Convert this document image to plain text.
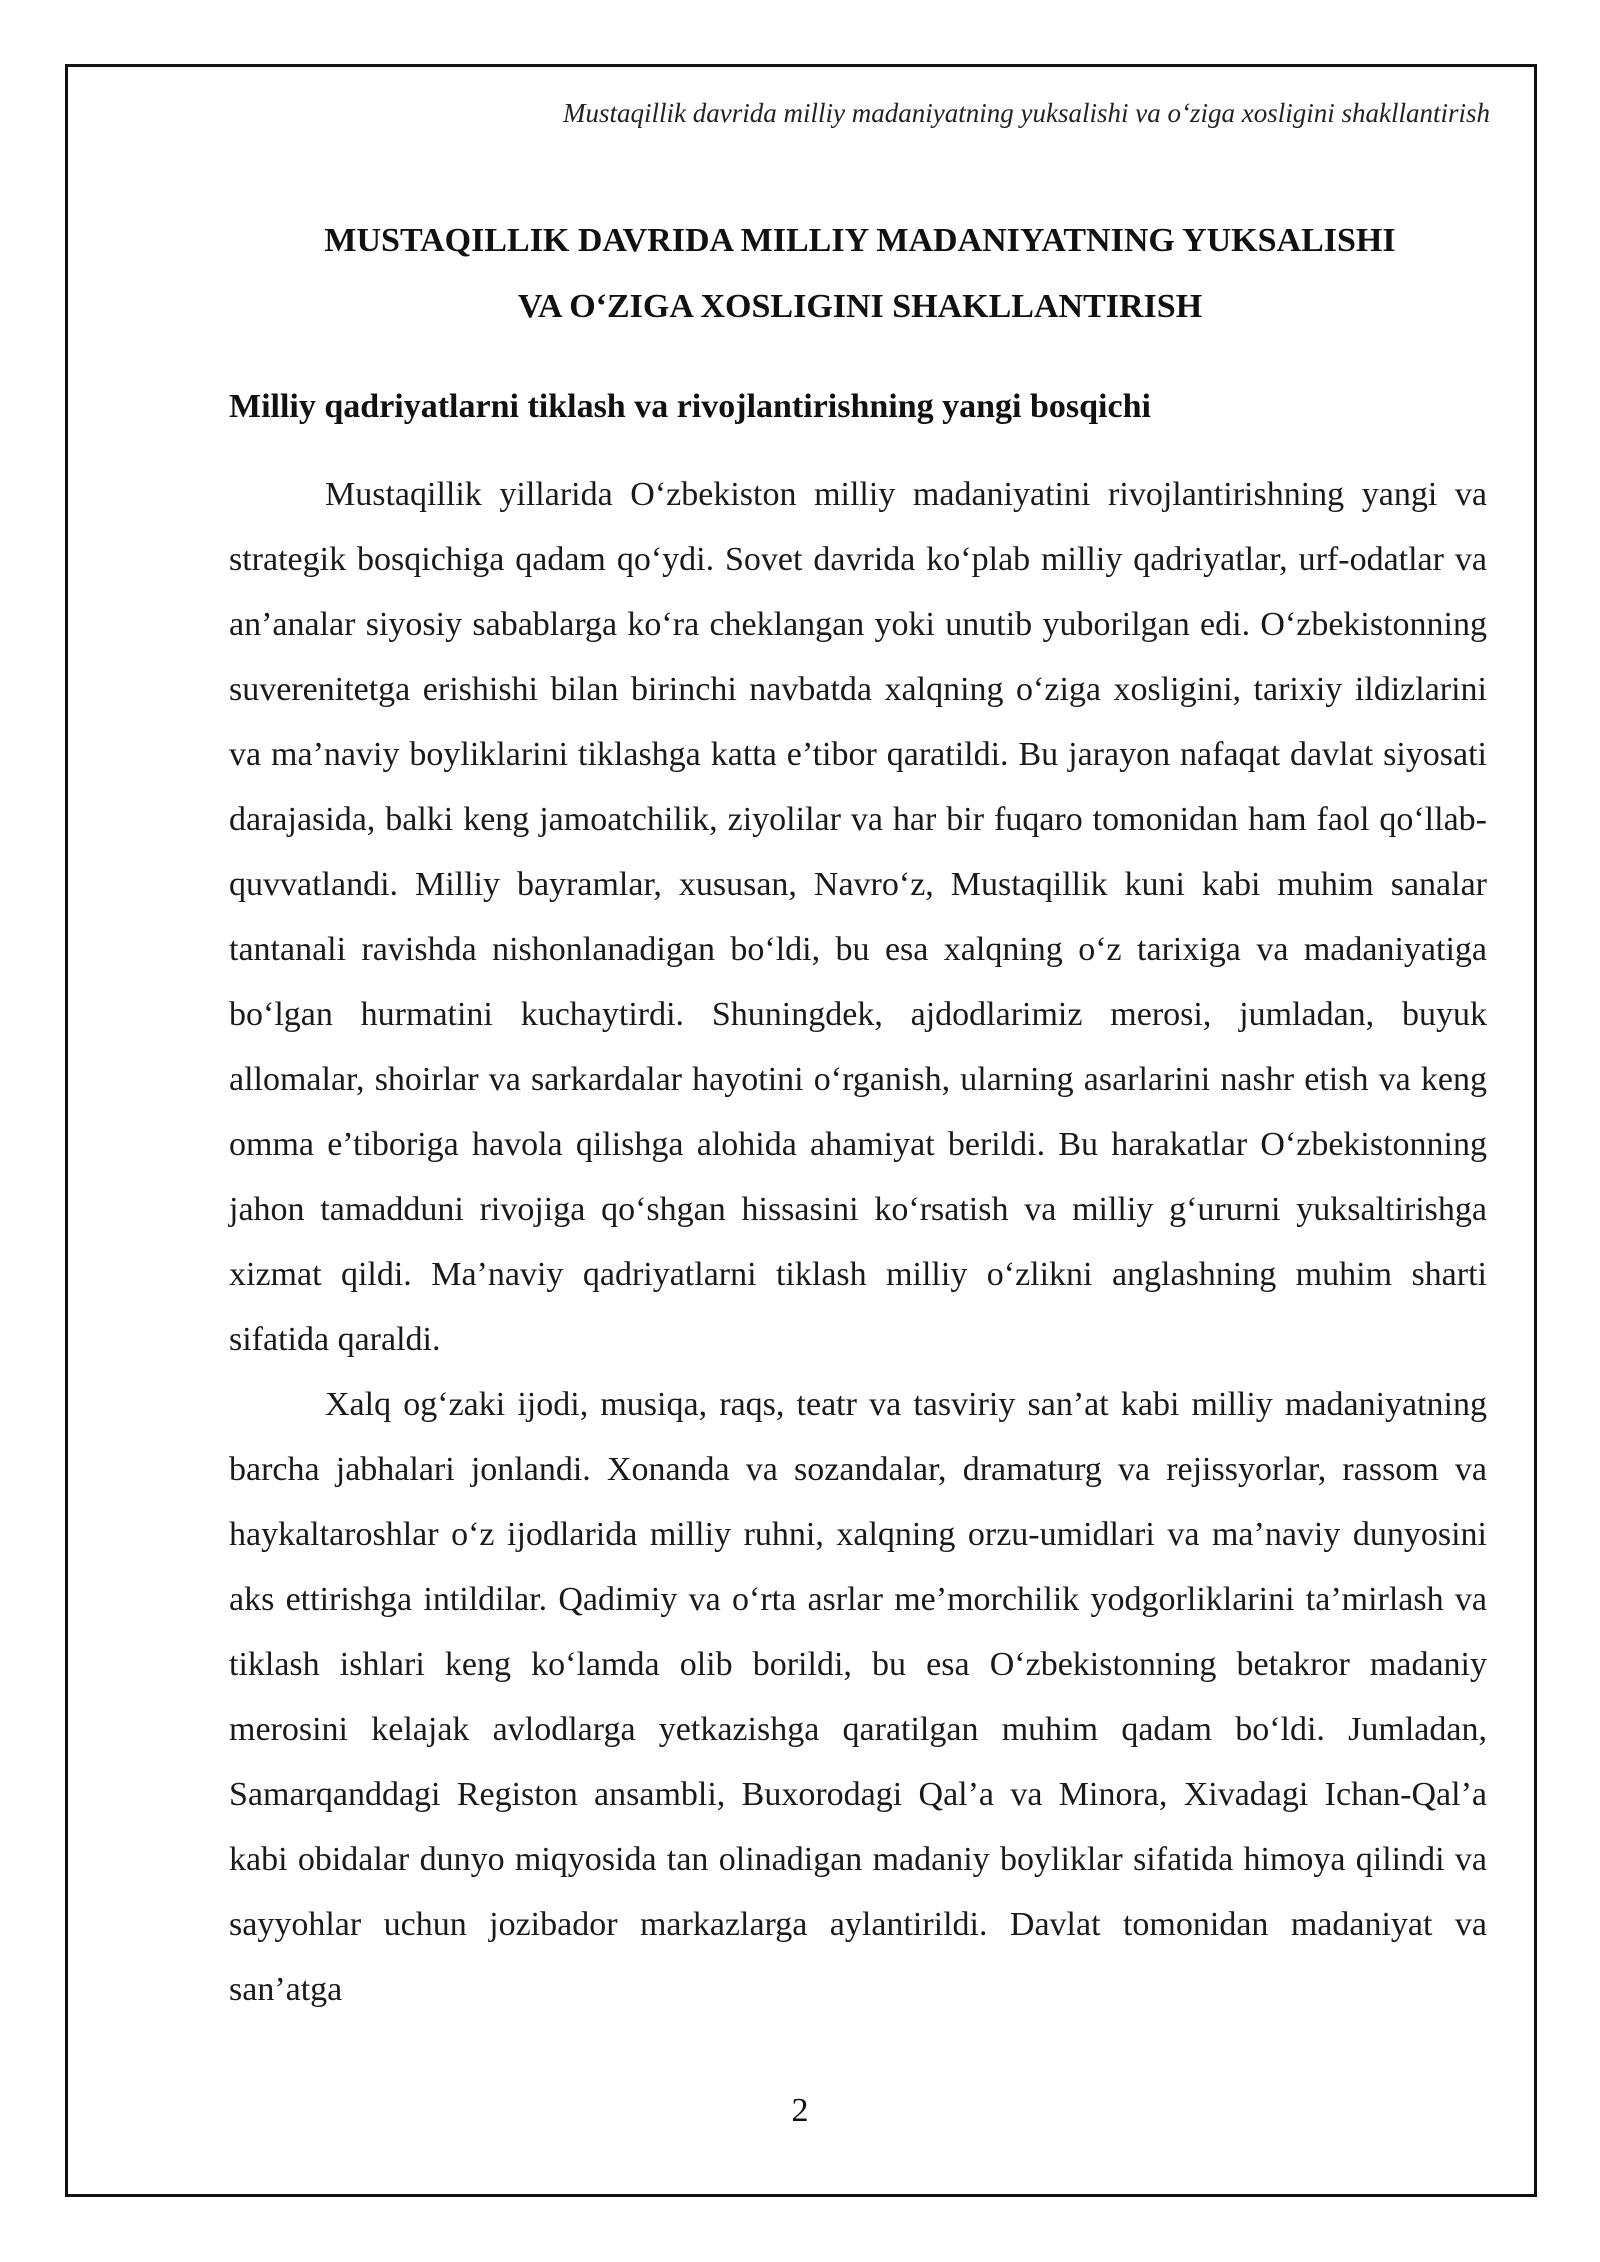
Mustaqillik davrida milliy madaniyatning yuksalishi va oʻziga xosligini shakllantirish
MUSTAQILLIK DAVRIDA MILLIY MADANIYATNING YUKSALISHI
VA OʻZIGA XOSLIGINI SHAKLLANTIRISH
Milliy qadriyatlarni tiklash va rivojlantirishning yangi bosqichi

Mustaqillik yillarida Oʻzbekiston milliy madaniyatini rivojlantirishning yangi va strategik bosqichiga qadam qoʻydi. Sovet davrida koʻplab milliy qadriyatlar, urf-odatlar va an’analar siyosiy sabablarga koʻra cheklangan yoki unutib yuborilgan edi. Oʻzbekistonning suverenitetga erishishi bilan birinchi navbatda xalqning oʻziga xosligini, tarixiy ildizlarini va ma’naviy boyliklarini tiklashga katta e’tibor qaratildi. Bu jarayon nafaqat davlat siyosati darajasida, balki keng jamoatchilik, ziyolilar va har bir fuqaro tomonidan ham faol qoʻllab-quvvatlandi. Milliy bayramlar, xususan, Navroʻz, Mustaqillik kuni kabi muhim sanalar tantanali ravishda nishonlanadigan boʻldi, bu esa xalqning oʻz tarixiga va madaniyatiga boʻlgan hurmatini kuchaytirdi. Shuningdek, ajdodlarimiz merosi, jumladan, buyuk allomalar, shoirlar va sarkardalar hayotini oʻrganish, ularning asarlarini nashr etish va keng omma e’tiboriga havola qilishga alohida ahamiyat berildi. Bu harakatlar Oʻzbekistonning jahon tamadduni rivojiga qoʻshgan hissasini koʻrsatish va milliy gʻururni yuksaltirishga xizmat qildi. Ma’naviy qadriyatlarni tiklash milliy oʻzlikni anglashning muhim sharti sifatida qaraldi.

Xalq ogʻzaki ijodi, musiqa, raqs, teatr va tasviriy san’at kabi milliy madaniyatning barcha jabhalari jonlandi. Xonanda va sozandalar, dramaturg va rejissyorlar, rassom va haykaltaroshlar oʻz ijodlarida milliy ruhni, xalqning orzu-umidlari va ma’naviy dunyosini aks ettirishga intildilar. Qadimiy va oʻrta asrlar me’morchilik yodgorliklarini ta’mirlash va tiklash ishlari keng koʻlamda olib borildi, bu esa Oʻzbekistonning betakror madaniy merosini kelajak avlodlarga yetkazishga qaratilgan muhim qadam boʻldi. Jumladan, Samarqanddagi Registon ansambli, Buxorodagi Qal’a va Minora, Xivadagi Ichan-Qal’a kabi obidalar dunyo miqyosida tan olinadigan madaniy boyliklar sifatida himoya qilindi va sayyohlar uchun jozibador markazlarga aylantirildi. Davlat tomonidan madaniyat va san’atga

2
